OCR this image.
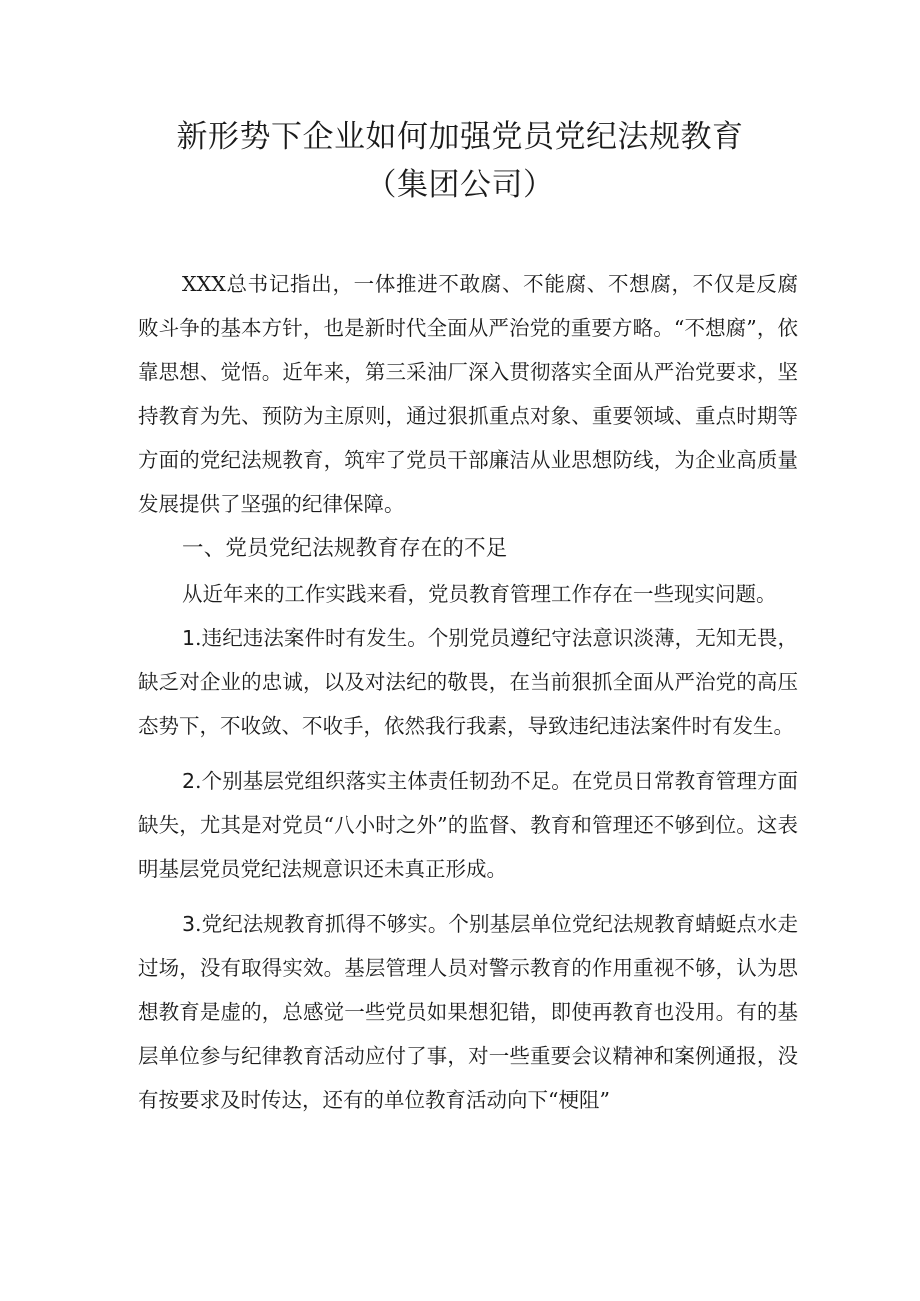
新形势下企业如何加强党员党纪法规教育
（集团公司）

XXX总书记指出，一体推进不敢腐、不能腐、不想腐，不仅是反腐败斗争的基本方针，也是新时代全面从严治党的重要方略。“不想腐”，依靠思想、觉悟。近年来，第三采油厂深入贯彻落实全面从严治党要求，坚持教育为先、预防为主原则，通过狠抓重点对象、重要领域、重点时期等方面的党纪法规教育，筑牢了党员干部廉洁从业思想防线，为企业高质量发展提供了坚强的纪律保障。

一、党员党纪法规教育存在的不足

从近年来的工作实践来看，党员教育管理工作存在一些现实问题。

1.违纪违法案件时有发生。个别党员遵纪守法意识淡薄，无知无畏，缺乏对企业的忠诚，以及对法纪的敬畏，在当前狠抓全面从严治党的高压态势下，不收敛、不收手，依然我行我素，导致违纪违法案件时有发生。

2.个别基层党组织落实主体责任韧劲不足。在党员日常教育管理方面缺失，尤其是对党员“八小时之外”的监督、教育和管理还不够到位。这表明基层党员党纪法规意识还未真正形成。

3.党纪法规教育抓得不够实。个别基层单位党纪法规教育蜻蜓点水走过场，没有取得实效。基层管理人员对警示教育的作用重视不够，认为思想教育是虚的，总感觉一些党员如果想犯错，即使再教育也没用。有的基层单位参与纪律教育活动应付了事，对一些重要会议精神和案例通报，没有按要求及时传达，还有的单位教育活动向下“梗阻”
